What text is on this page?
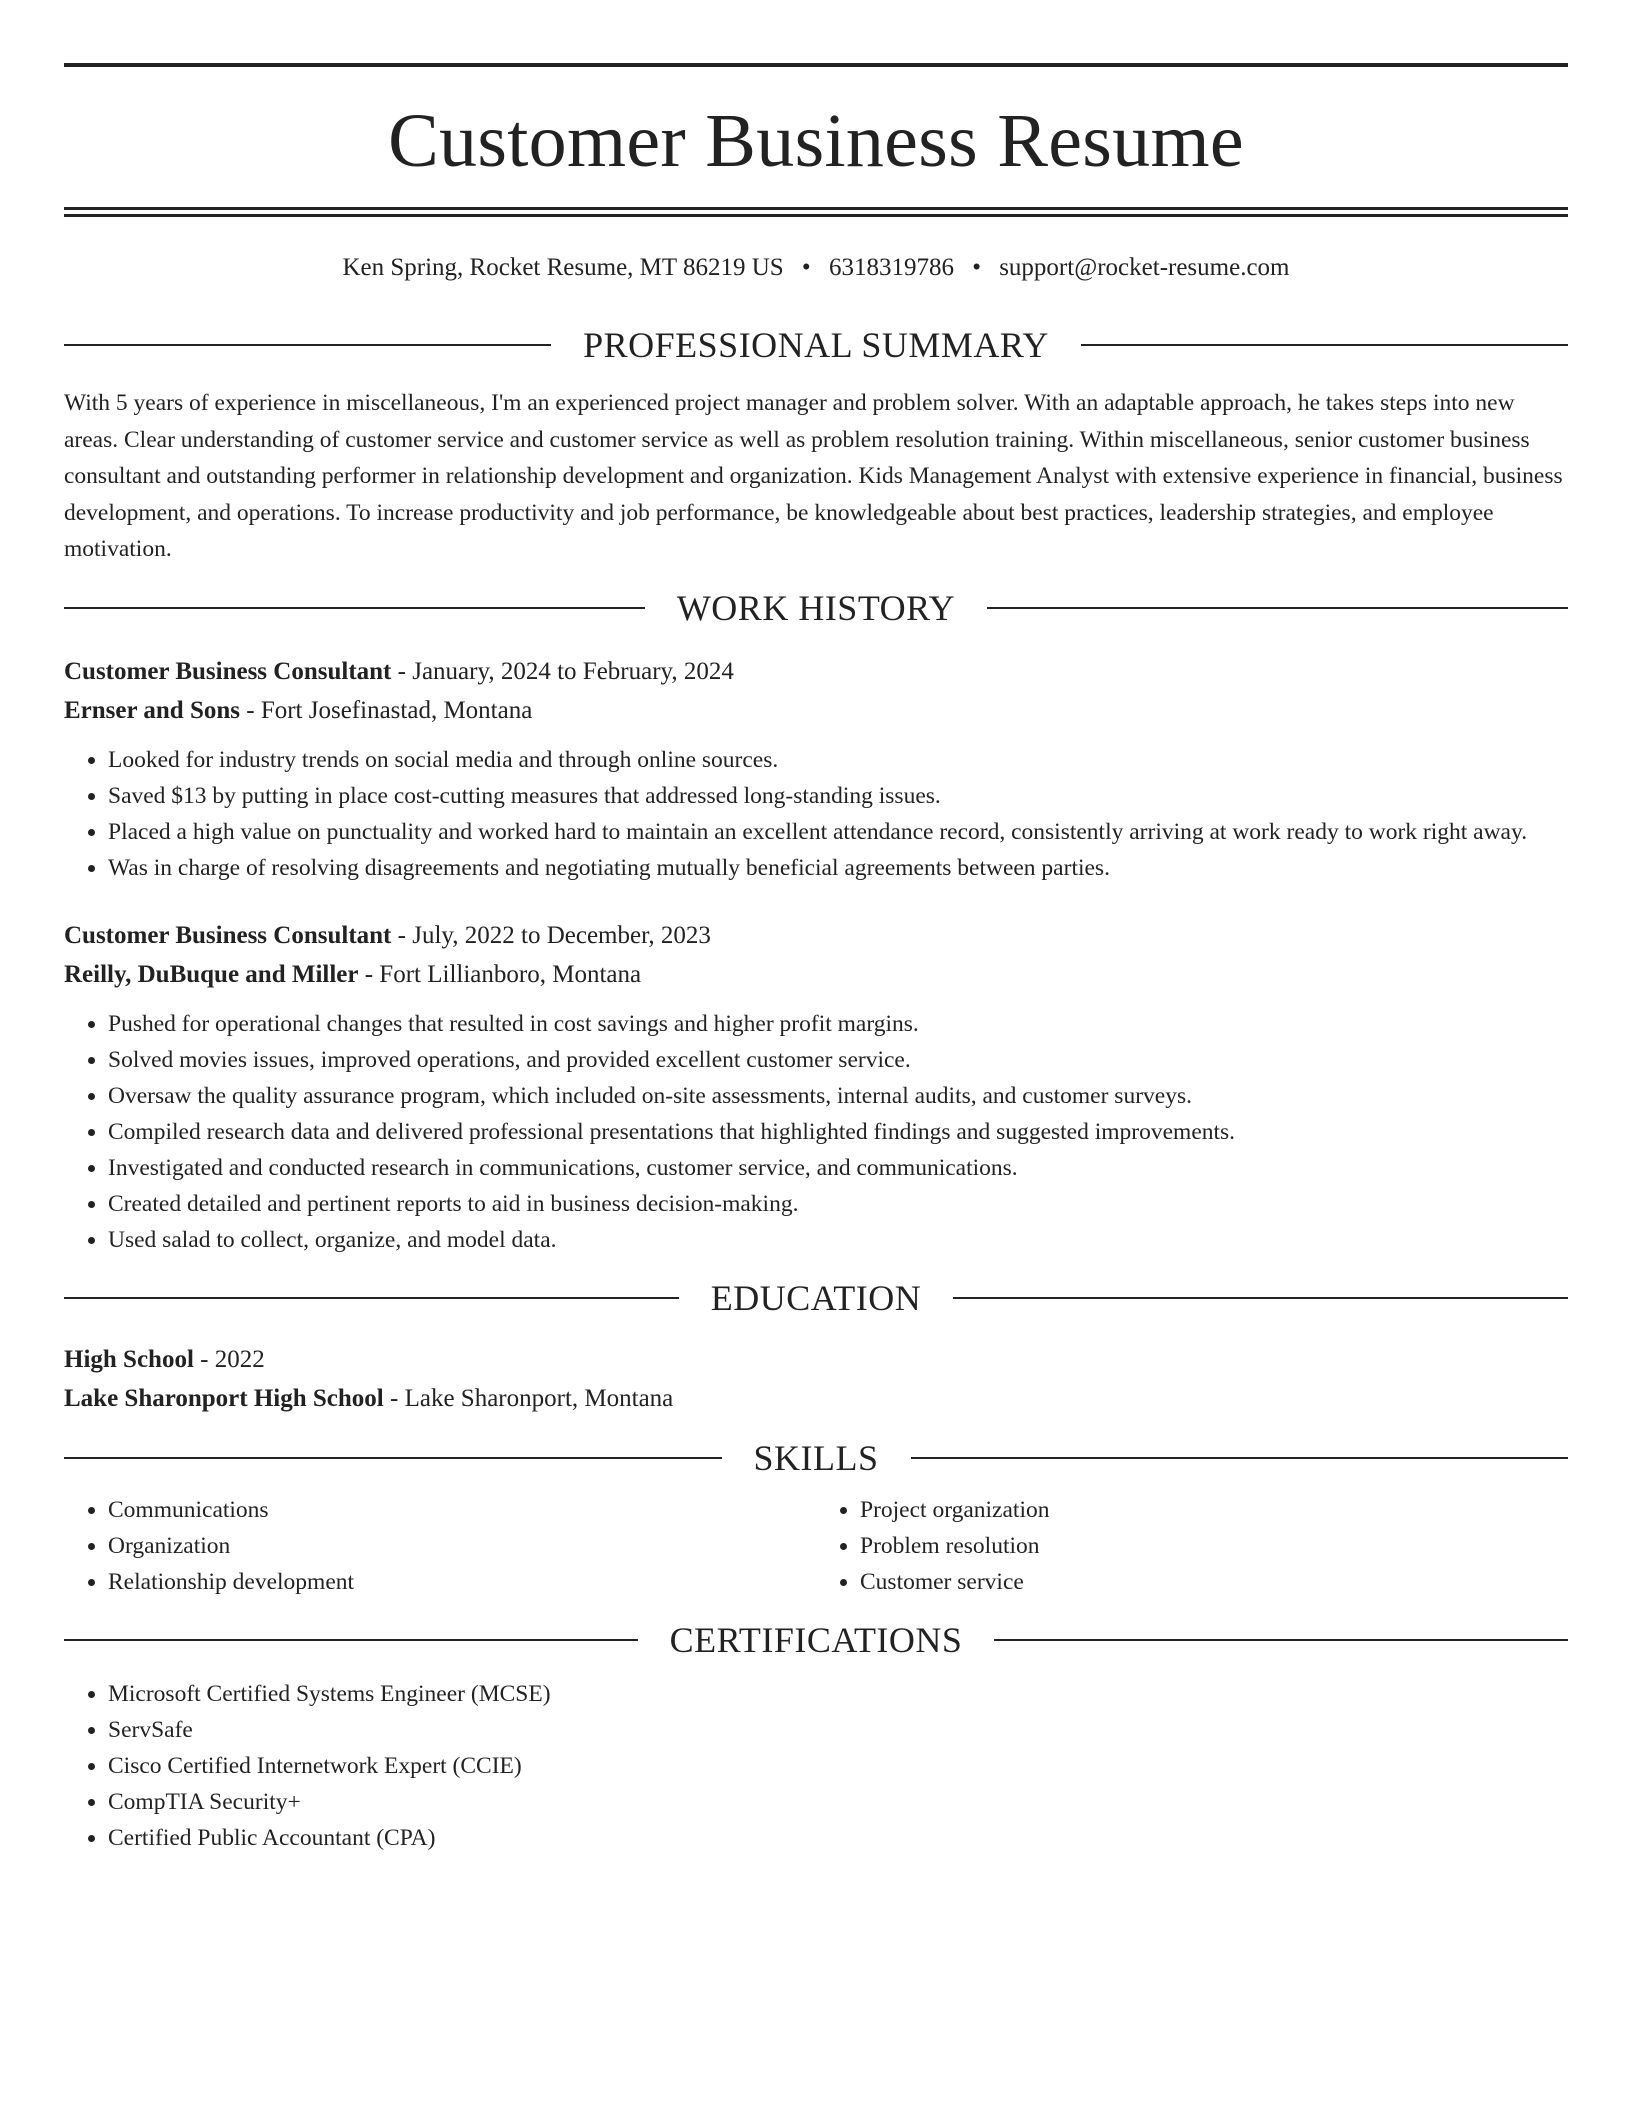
Customer Business Resume
Ken Spring, Rocket Resume, MT 86219 US • 6318319786 • support@rocket-resume.com
PROFESSIONAL SUMMARY
With 5 years of experience in miscellaneous, I'm an experienced project manager and problem solver. With an adaptable approach, he takes steps into new areas. Clear understanding of customer service and customer service as well as problem resolution training. Within miscellaneous, senior customer business consultant and outstanding performer in relationship development and organization. Kids Management Analyst with extensive experience in financial, business development, and operations. To increase productivity and job performance, be knowledgeable about best practices, leadership strategies, and employee motivation.
WORK HISTORY
Customer Business Consultant - January, 2024 to February, 2024
Ernser and Sons - Fort Josefinastad, Montana
• Looked for industry trends on social media and through online sources.
• Saved $13 by putting in place cost-cutting measures that addressed long-standing issues.
• Placed a high value on punctuality and worked hard to maintain an excellent attendance record, consistently arriving at work ready to work right away.
• Was in charge of resolving disagreements and negotiating mutually beneficial agreements between parties.
Customer Business Consultant - July, 2022 to December, 2023
Reilly, DuBuque and Miller - Fort Lillianboro, Montana
• Pushed for operational changes that resulted in cost savings and higher profit margins.
• Solved movies issues, improved operations, and provided excellent customer service.
• Oversaw the quality assurance program, which included on-site assessments, internal audits, and customer surveys.
• Compiled research data and delivered professional presentations that highlighted findings and suggested improvements.
• Investigated and conducted research in communications, customer service, and communications.
• Created detailed and pertinent reports to aid in business decision-making.
• Used salad to collect, organize, and model data.
EDUCATION
High School - 2022
Lake Sharonport High School - Lake Sharonport, Montana
SKILLS
• Communications
• Organization
• Relationship development
• Project organization
• Problem resolution
• Customer service
CERTIFICATIONS
• Microsoft Certified Systems Engineer (MCSE)
• ServSafe
• Cisco Certified Internetwork Expert (CCIE)
• CompTIA Security+
• Certified Public Accountant (CPA)
